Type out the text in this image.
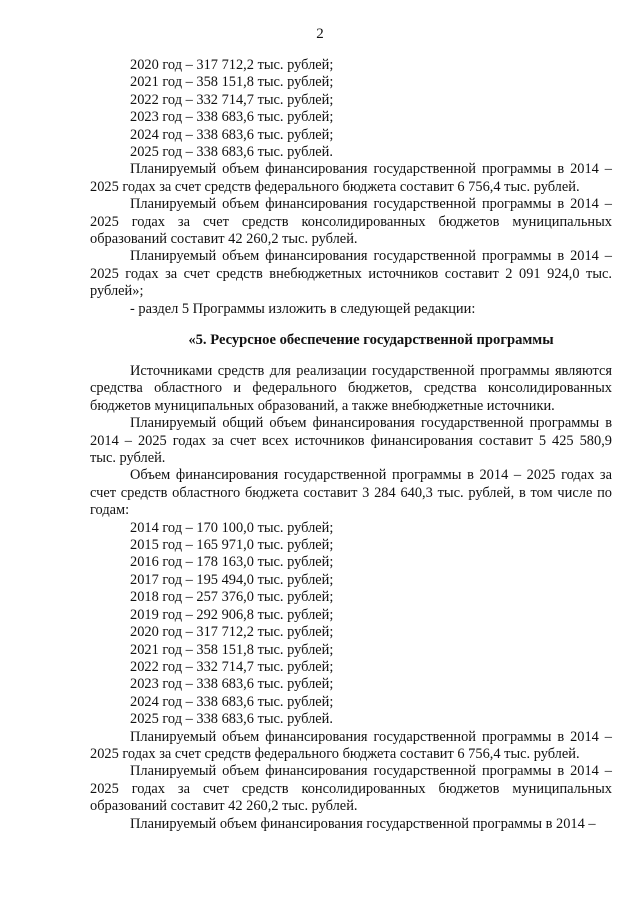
2
2020 год – 317 712,2 тыс. рублей;
2021 год – 358 151,8 тыс. рублей;
2022 год – 332 714,7 тыс. рублей;
2023 год – 338 683,6 тыс. рублей;
2024 год – 338 683,6 тыс. рублей;
2025 год – 338 683,6 тыс. рублей.

Планируемый объем финансирования государственной программы в 2014 – 2025 годах за счет средств федерального бюджета составит 6 756,4 тыс. рублей.

Планируемый объем финансирования государственной программы в 2014 – 2025 годах за счет средств консолидированных бюджетов муниципальных образований составит 42 260,2 тыс. рублей.

Планируемый объем финансирования государственной программы в 2014 – 2025 годах за счет средств внебюджетных источников составит 2 091 924,0 тыс. рублей»;

- раздел 5 Программы изложить в следующей редакции:

«5. Ресурсное обеспечение государственной программы

Источниками средств для реализации государственной программы являются средства областного и федерального бюджетов, средства консолидированных бюджетов муниципальных образований, а также внебюджетные источники.

Планируемый общий объем финансирования государственной программы в 2014 – 2025 годах за счет всех источников финансирования составит 5 425 580,9 тыс. рублей.

Объем финансирования государственной программы в 2014 – 2025 годах за счет средств областного бюджета составит 3 284 640,3 тыс. рублей, в том числе по годам:

2014 год – 170 100,0 тыс. рублей;
2015 год – 165 971,0 тыс. рублей;
2016 год – 178 163,0 тыс. рублей;
2017 год – 195 494,0 тыс. рублей;
2018 год – 257 376,0 тыс. рублей;
2019 год – 292 906,8 тыс. рублей;
2020 год – 317 712,2 тыс. рублей;
2021 год – 358 151,8 тыс. рублей;
2022 год – 332 714,7 тыс. рублей;
2023 год – 338 683,6 тыс. рублей;
2024 год – 338 683,6 тыс. рублей;
2025 год – 338 683,6 тыс. рублей.

Планируемый объем финансирования государственной программы в 2014 – 2025 годах за счет средств федерального бюджета составит 6 756,4 тыс. рублей.

Планируемый объем финансирования государственной программы в 2014 – 2025 годах за счет средств консолидированных бюджетов муниципальных образований составит 42 260,2 тыс. рублей.

Планируемый объем финансирования государственной программы в 2014 –
